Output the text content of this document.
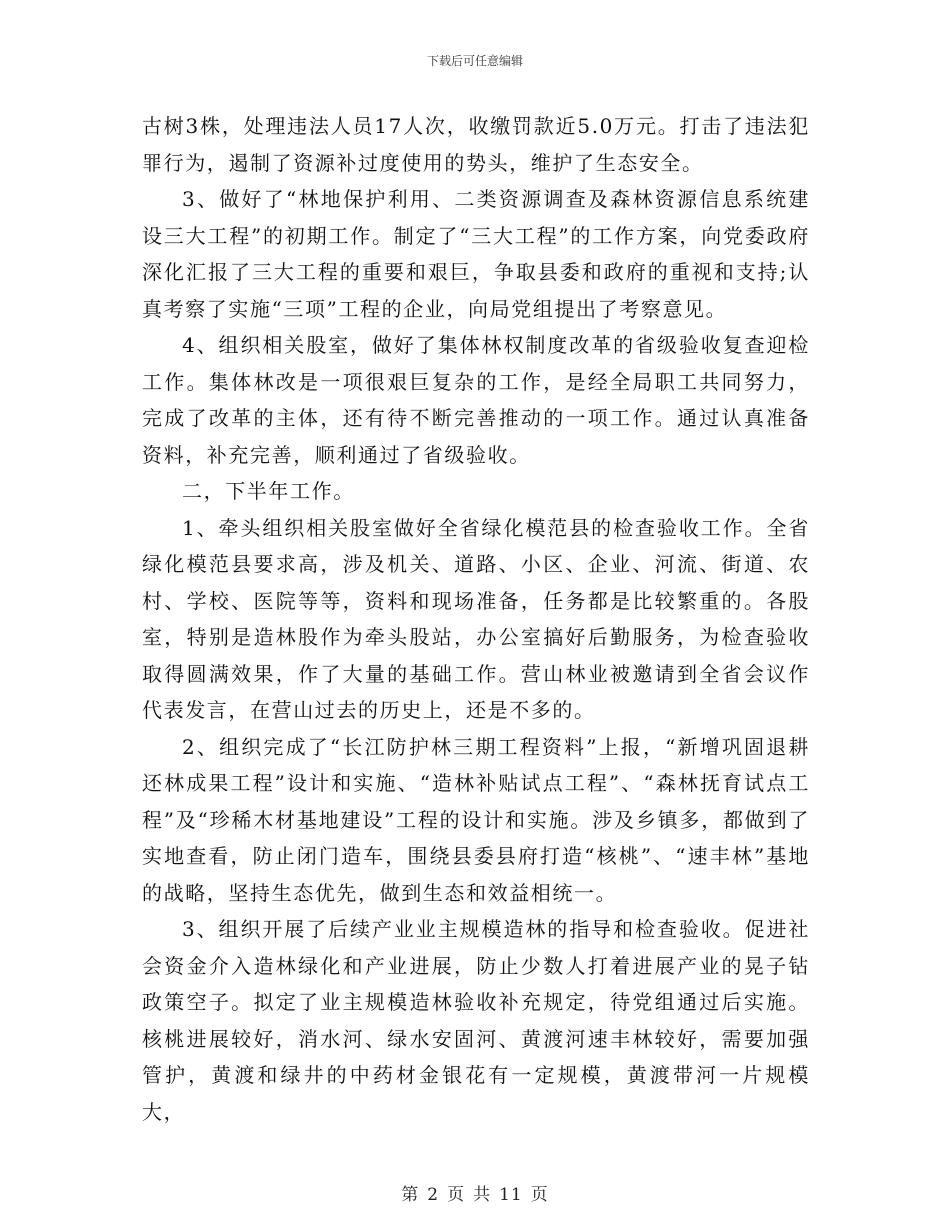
下载后可任意编辑

古树3株，处理违法人员17人次，收缴罚款近5.0万元。打击了违法犯罪行为，遏制了资源补过度使用的势头，维护了生态安全。

3、做好了“林地保护利用、二类资源调查及森林资源信息系统建设三大工程”的初期工作。制定了“三大工程”的工作方案，向党委政府深化汇报了三大工程的重要和艰巨，争取县委和政府的重视和支持;认真考察了实施“三项”工程的企业，向局党组提出了考察意见。

4、组织相关股室，做好了集体林权制度改革的省级验收复查迎检工作。集体林改是一项很艰巨复杂的工作，是经全局职工共同努力，完成了改革的主体，还有待不断完善推动的一项工作。通过认真准备资料，补充完善，顺利通过了省级验收。

二，下半年工作。

1、牵头组织相关股室做好全省绿化模范县的检查验收工作。全省绿化模范县要求高，涉及机关、道路、小区、企业、河流、街道、农村、学校、医院等等，资料和现场准备，任务都是比较繁重的。各股室，特别是造林股作为牵头股站，办公室搞好后勤服务，为检查验收取得圆满效果，作了大量的基础工作。营山林业被邀请到全省会议作代表发言，在营山过去的历史上，还是不多的。

2、组织完成了“长江防护林三期工程资料”上报，“新增巩固退耕还林成果工程”设计和实施、“造林补贴试点工程”、“森林抚育试点工程”及“珍稀木材基地建设”工程的设计和实施。涉及乡镇多，都做到了实地查看，防止闭门造车，围绕县委县府打造“核桃”、“速丰林”基地的战略，坚持生态优先，做到生态和效益相统一。

3、组织开展了后续产业业主规模造林的指导和检查验收。促进社会资金介入造林绿化和产业进展，防止少数人打着进展产业的晃子钻政策空子。拟定了业主规模造林验收补充规定，待党组通过后实施。核桃进展较好，消水河、绿水安固河、黄渡河速丰林较好，需要加强管护，黄渡和绿井的中药材金银花有一定规模，黄渡带河一片规模大，

第 2 页 共 11 页
